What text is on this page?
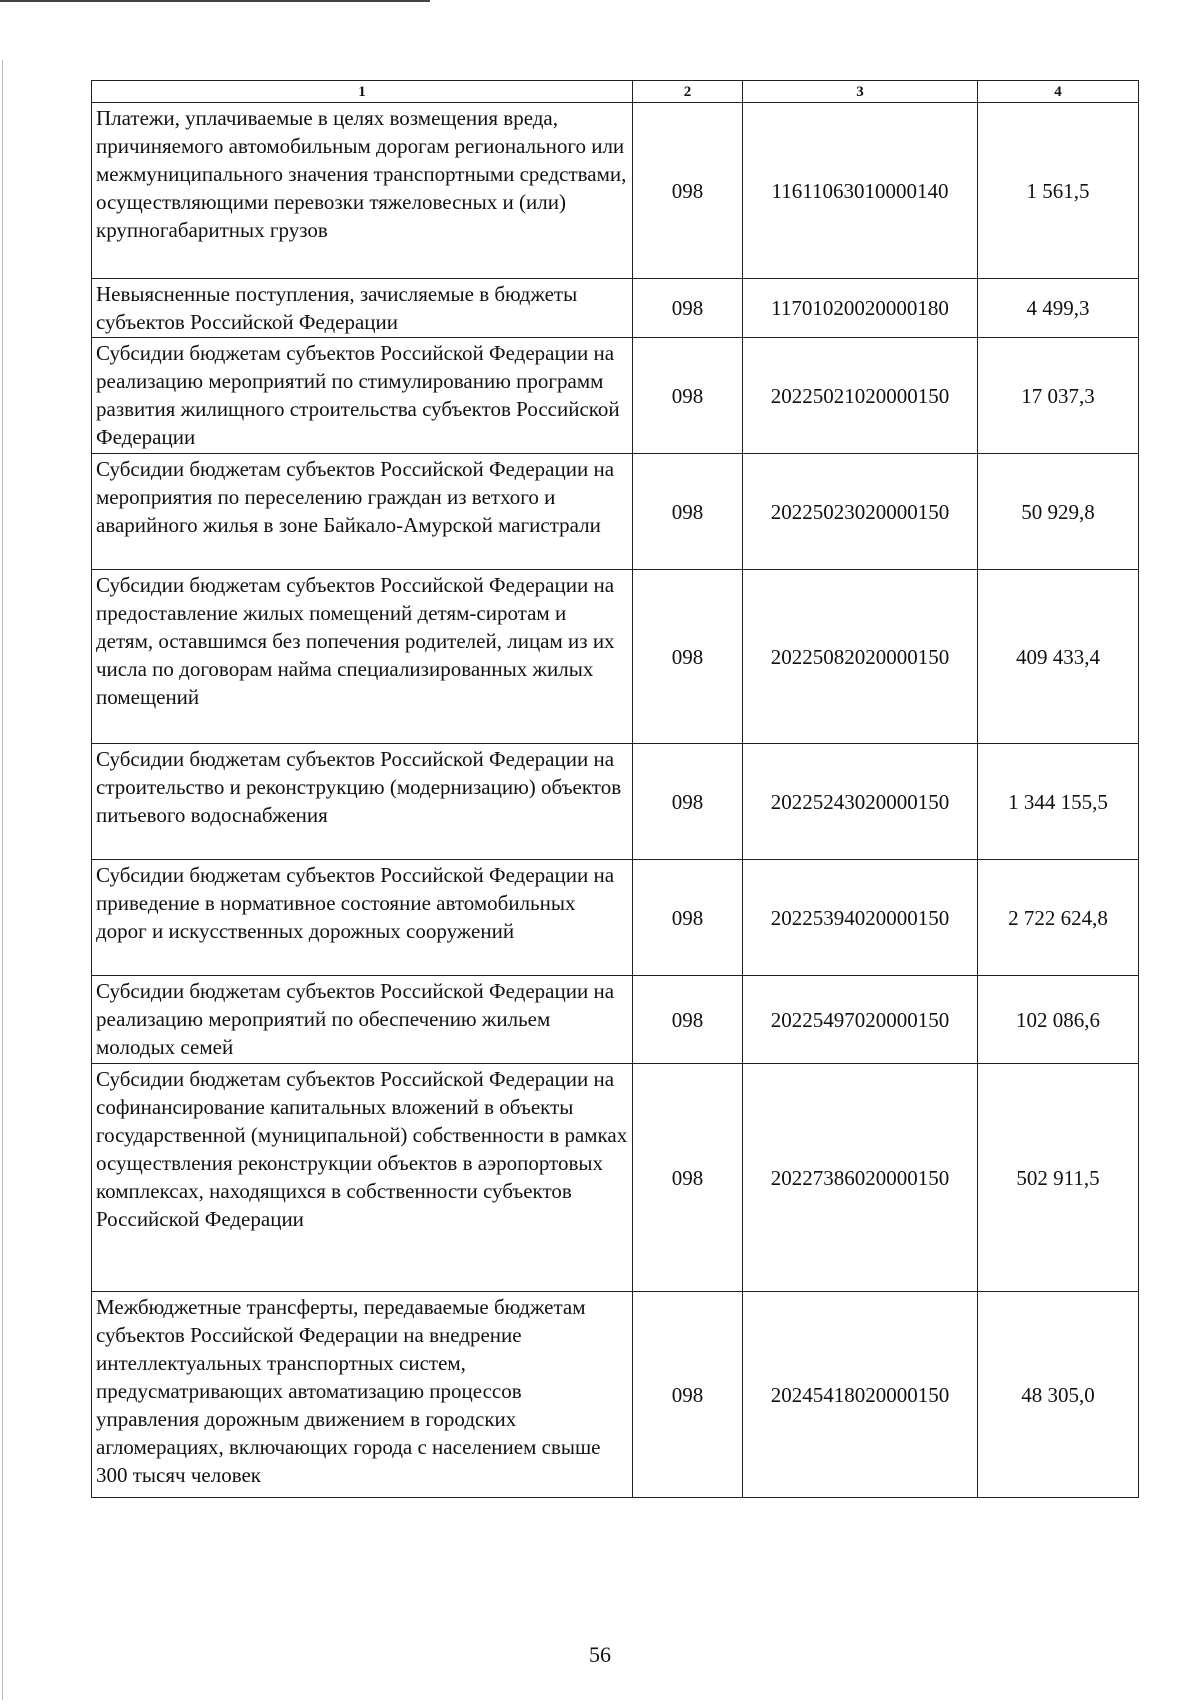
1	2	3	4
Платежи, уплачиваемые в целях возмещения вреда, причиняемого автомобильным дорогам регионального или межмуниципального значения транспортными средствами, осуществляющими перевозки тяжеловесных и (или) крупногабаритных грузов	098	11611063010000140	1 561,5
Невыясненные поступления, зачисляемые в бюджеты субъектов Российской Федерации	098	11701020020000180	4 499,3
Субсидии бюджетам субъектов Российской Федерации на реализацию мероприятий по стимулированию программ развития жилищного строительства субъектов Российской Федерации	098	20225021020000150	17 037,3
Субсидии бюджетам субъектов Российской Федерации на мероприятия по переселению граждан из ветхого и аварийного жилья в зоне Байкало-Амурской магистрали	098	20225023020000150	50 929,8
Субсидии бюджетам субъектов Российской Федерации на предоставление жилых помещений детям-сиротам и детям, оставшимся без попечения родителей, лицам из их числа по договорам найма специализированных жилых помещений	098	20225082020000150	409 433,4
Субсидии бюджетам субъектов Российской Федерации на строительство и реконструкцию (модернизацию) объектов питьевого водоснабжения	098	20225243020000150	1 344 155,5
Субсидии бюджетам субъектов Российской Федерации на приведение в нормативное состояние автомобильных дорог и искусственных дорожных сооружений	098	20225394020000150	2 722 624,8
Субсидии бюджетам субъектов Российской Федерации на реализацию мероприятий по обеспечению жильем молодых семей	098	20225497020000150	102 086,6
Субсидии бюджетам субъектов Российской Федерации на софинансирование капитальных вложений в объекты государственной (муниципальной) собственности в рамках осуществления реконструкции объектов в аэропортовых комплексах, находящихся в собственности субъектов Российской Федерации	098	20227386020000150	502 911,5
Межбюджетные трансферты, передаваемые бюджетам субъектов Российской Федерации на внедрение интеллектуальных транспортных систем, предусматривающих автоматизацию процессов управления дорожным движением в городских агломерациях, включающих города с населением свыше 300 тысяч человек	098	20245418020000150	48 305,0
56
